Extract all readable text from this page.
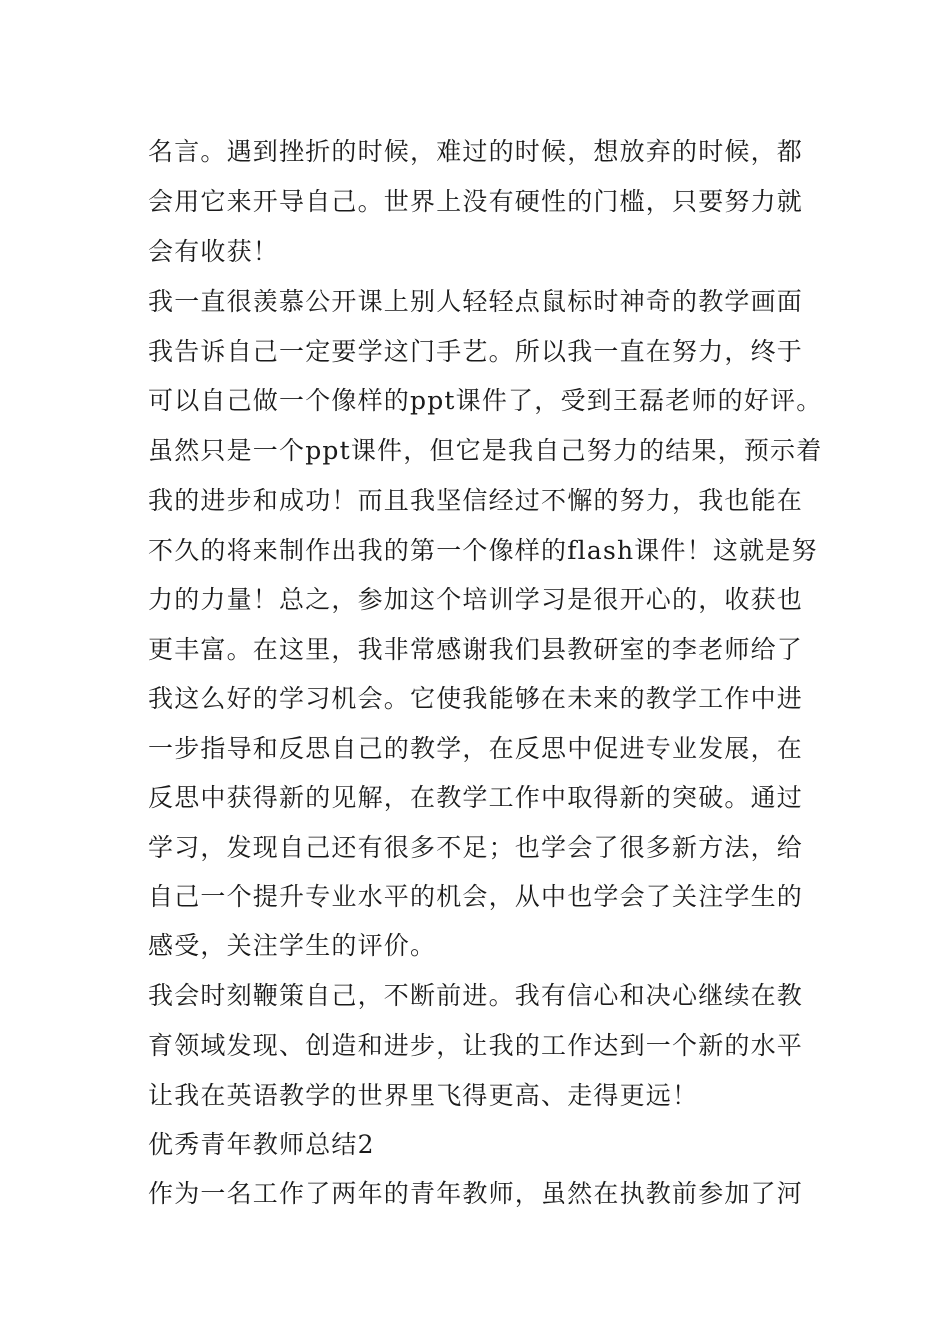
名言。遇到挫折的时候，难过的时候，想放弃的时候，都
会用它来开导自己。世界上没有硬性的门槛，只要努力就
会有收获！
我一直很羡慕公开课上别人轻轻点鼠标时神奇的教学画面
我告诉自己一定要学这门手艺。所以我一直在努力，终于
可以自己做一个像样的ppt课件了，受到王磊老师的好评。
虽然只是一个ppt课件，但它是我自己努力的结果，预示着
我的进步和成功！而且我坚信经过不懈的努力，我也能在
不久的将来制作出我的第一个像样的flash课件！这就是努
力的力量！总之，参加这个培训学习是很开心的，收获也
更丰富。在这里，我非常感谢我们县教研室的李老师给了
我这么好的学习机会。它使我能够在未来的教学工作中进
一步指导和反思自己的教学，在反思中促进专业发展，在
反思中获得新的见解，在教学工作中取得新的突破。通过
学习，发现自己还有很多不足；也学会了很多新方法，给
自己一个提升专业水平的机会，从中也学会了关注学生的
感受，关注学生的评价。
我会时刻鞭策自己，不断前进。我有信心和决心继续在教
育领域发现、创造和进步，让我的工作达到一个新的水平
让我在英语教学的世界里飞得更高、走得更远！
优秀青年教师总结2
作为一名工作了两年的青年教师，虽然在执教前参加了河
